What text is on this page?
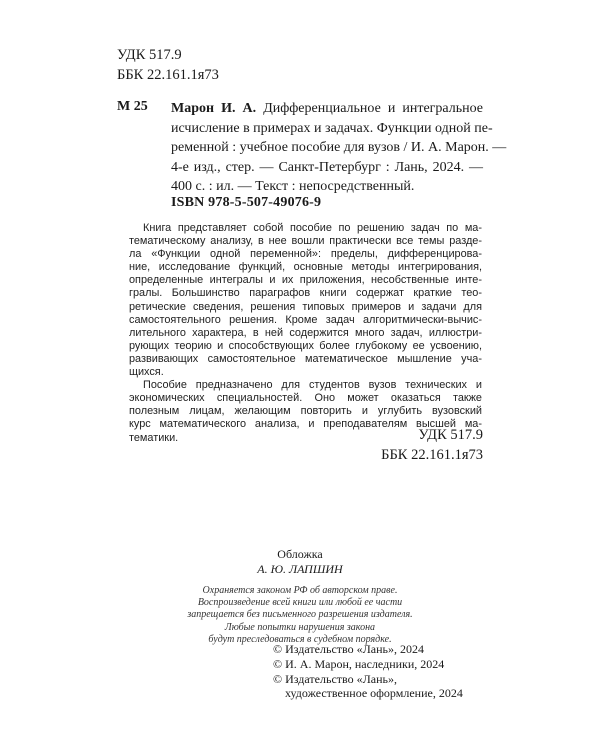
УДК 517.9
ББК 22.161.1я73
М 25 Марон И. А. Дифференциальное и интегральное
исчисление в примерах и задачах. Функции одной пе-
ременной : учебное пособие для вузов / И. А. Марон. —
4-е изд., стер. — Санкт-Петербург : Лань, 2024. —
400 с. : ил. — Текст : непосредственный.
ISBN 978-5-507-49076-9
Книга представляет собой пособие по решению задач по ма-
тематическому анализу, в нее вошли практически все темы разде-
ла «Функции одной переменной»: пределы, дифференцирова-
ние, исследование функций, основные методы интегрирования,
определенные интегралы и их приложения, несобственные инте-
гралы. Большинство параграфов книги содержат краткие тео-
ретические сведения, решения типовых примеров и задачи для
самостоятельного решения. Кроме задач алгоритмически-вычис-
лительного характера, в ней содержится много задач, иллюстри-
рующих теорию и способствующих более глубокому ее усвоению,
развивающих самостоятельное математическое мышление уча-
щихся.
Пособие предназначено для студентов вузов технических и
экономических специальностей. Оно может оказаться также
полезным лицам, желающим повторить и углубить вузовский
курс математического анализа, и преподавателям высшей ма-
тематики.	УДК 517.9
ББК 22.161.1я73
Обложка
А. Ю. ЛАПШИН
Охраняется законом РФ об авторском праве.
Воспроизведение всей книги или любой ее части
запрещается без письменного разрешения издателя.
Любые попытки нарушения закона
будут преследоваться в судебном порядке.
© Издательство «Лань», 2024
© И. А. Марон, наследники, 2024
© Издательство «Лань»,
художественное оформление, 2024
